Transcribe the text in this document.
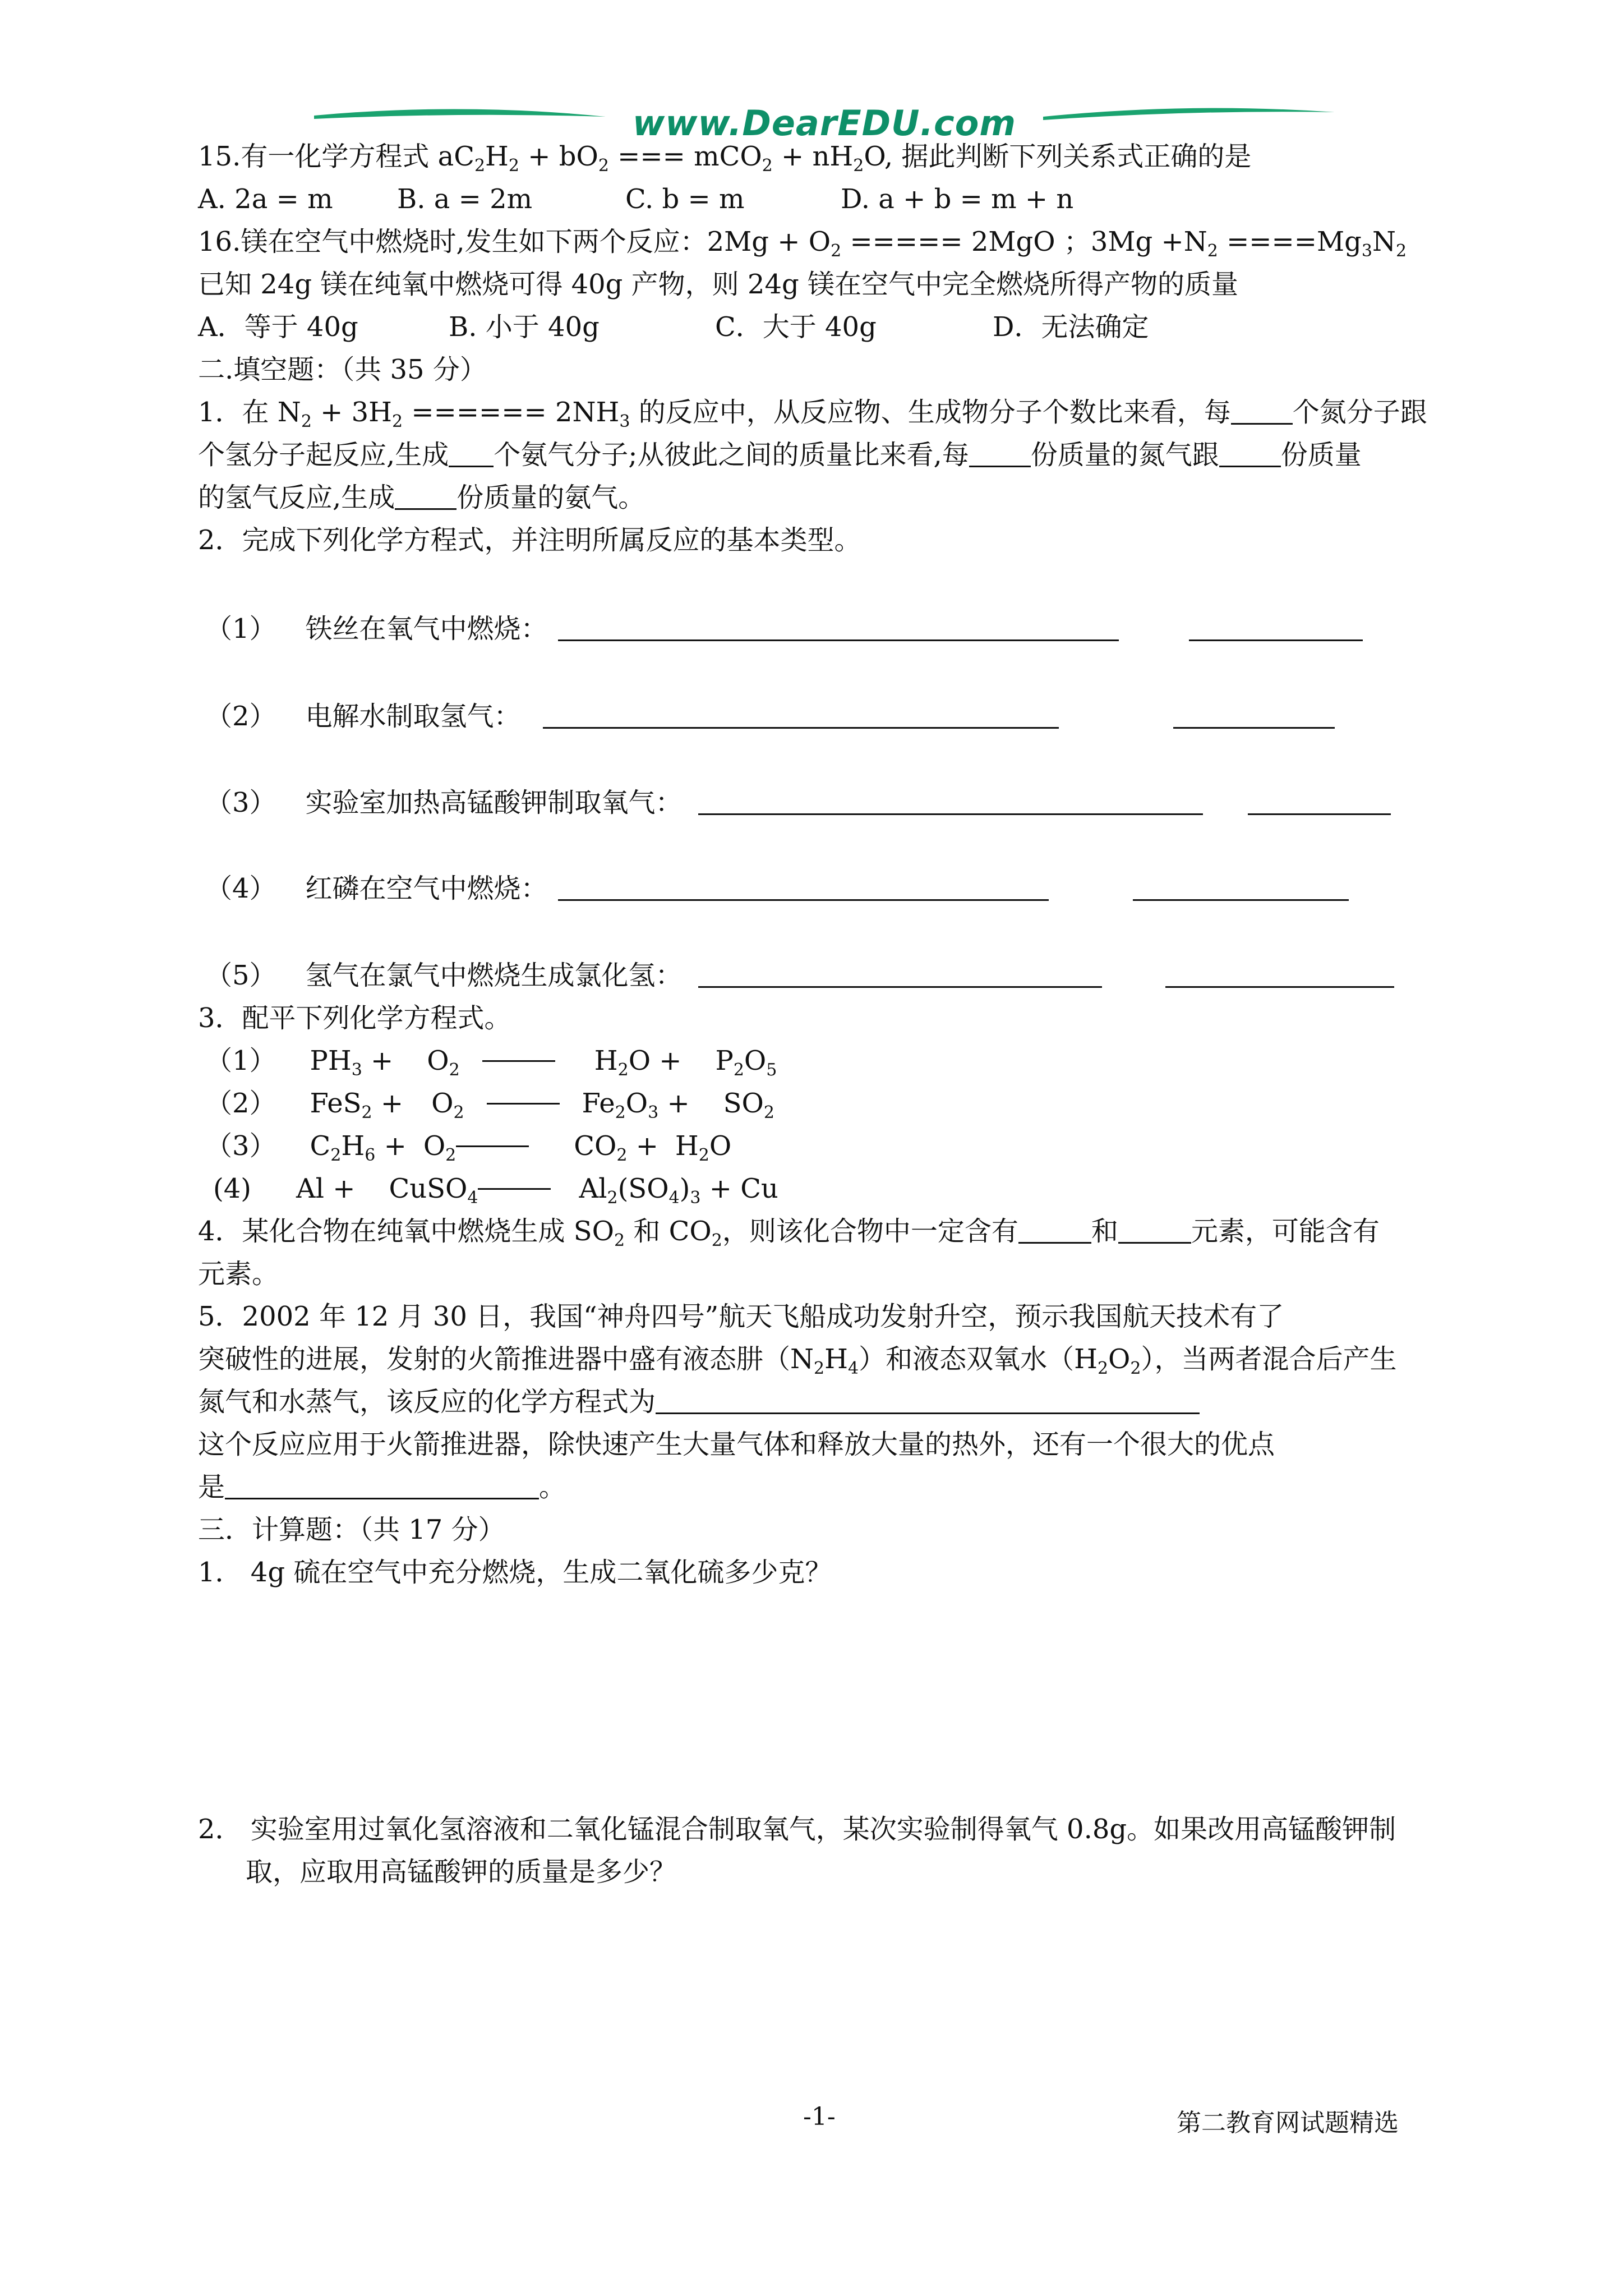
www.DearEDU.com
15.有一化学方程式 $aC_2H_2 + bO_2$ === $mCO_2 + nH_2O$, 据此判断下列关系式正确的是
A. 2a = m B. a = 2m	C. b = m	D. a + b = m + n
16.镁在空气中燃烧时,发生如下两个反应：$2Mg + O_2$ ===== 2MgO ；$3Mg +N_2 ====Mg_3N_2$
已知 24g 镁在纯氧中燃烧可得 40g 产物，则 24g 镁在空气中完全燃烧所得产物的质量
A．等于 40g	B. 小于 40g	C．大于 40g	D．无法确定
二.填空题：（共 35 分）
1．在 $N_2 + 3H_2$ ====== $2NH_3$ 的反应中，从反应物、生成物分子个数比来看，每 个氮分子跟
个氢分子起反应,生成 个氨气分子;从彼此之间的质量比来看,每 份质量的氮气跟 份质量
的氢气反应,生成 份质量的氨气。
2．完成下列化学方程式，并注明所属反应的基本类型。
（1） 铁丝在氧气中燃烧：
（2） 电解水制取氢气：
（3） 实验室加热高锰酸钾制取氧气：
（4） 红磷在空气中燃烧：
（5） 氢气在氯气中燃烧生成氯化氢：
3．配平下列化学方程式。
（1） $PH_3 + O_2$	$H_2O + P_2O_5$
（2） $FeS_2 + O_2$	$Fe_2O_3 + SO_2$
（3） $C_2H_6 + O_2$	$CO_2 + H_2O$
(4) Al + CuSO$_4$	$Al_2(SO_4)_3 + Cu$
4．某化合物在纯氧中燃烧生成 $SO_2$ 和 $CO_2$，则该化合物中一定含有	和	元素，可能含有
元素。
5．2002 年 12 月 30 日，我国“神舟四号”航天飞船成功发射升空，预示我国航天技术有了
突破性的进展，发射的火箭推进器中盛有液态肼$(N_2H_4)$和液态双氧水$(H_2O_2)$，当两者混合后产生
氮气和水蒸气，该反应的化学方程式为
这个反应应用于火箭推进器，除快速产生大量气体和释放大量的热外，还有一个很大的优点
是	。
三．计算题：（共 17 分）
1． 4g 硫在空气中充分燃烧，生成二氧化硫多少克？
2． 实验室用过氧化氢溶液和二氧化锰混合制取氧气，某次实验制得氧气 0.8g。如果改用高锰酸钾制
取，应取用高锰酸钾的质量是多少？
-1-	第二教育网试题精选
